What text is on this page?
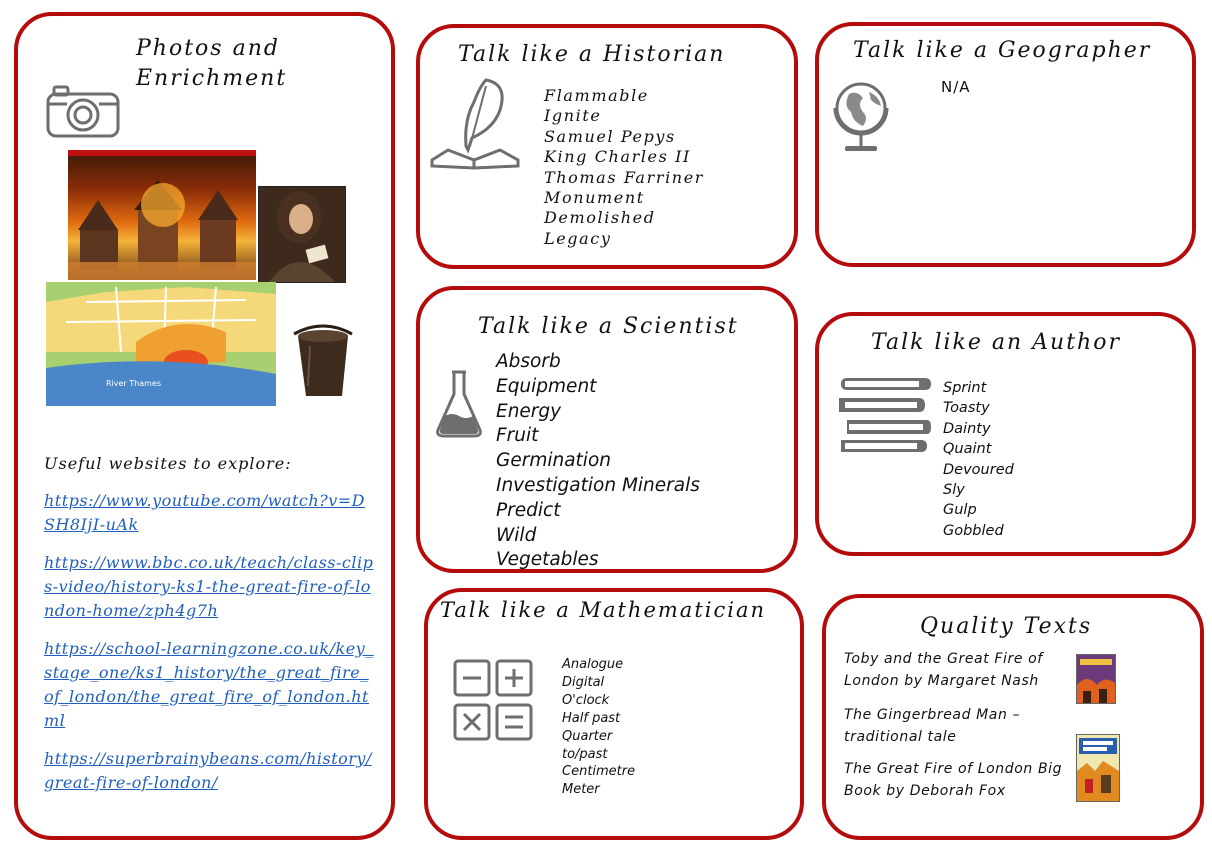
Photos and Enrichment
River Thames

Useful websites to explore:

https://www.youtube.com/watch?v=DSH8IjI-uAk
https://www.bbc.co.uk/teach/class-clips-video/history-ks1-the-great-fire-of-london-home/zph4g7h
https://school-learningzone.co.uk/key_stage_one/ks1_history/the_great_fire_of_london/the_great_fire_of_london.html
https://superbrainybeans.com/history/great-fire-of-london/
Talk like a Historian
Flammable
Ignite
Samuel Pepys
King Charles II
Thomas Farriner
Monument
Demolished
Legacy
Talk like a Geographer
N/A
Talk like a Scientist
Absorb
Equipment
Energy
Fruit
Germination
Investigation Minerals
Predict
Wild
Vegetables
Talk like an Author
Sprint
Toasty
Dainty
Quaint
Devoured
Sly
Gulp
Gobbled
Talk like a Mathematician
Analogue
Digital
O'clock
Half past
Quarter
to/past
Centimetre
Meter
Quality Texts
Toby and the Great Fire of London by Margaret Nash
The Gingerbread Man – traditional tale
The Great Fire of London Big Book by Deborah Fox
